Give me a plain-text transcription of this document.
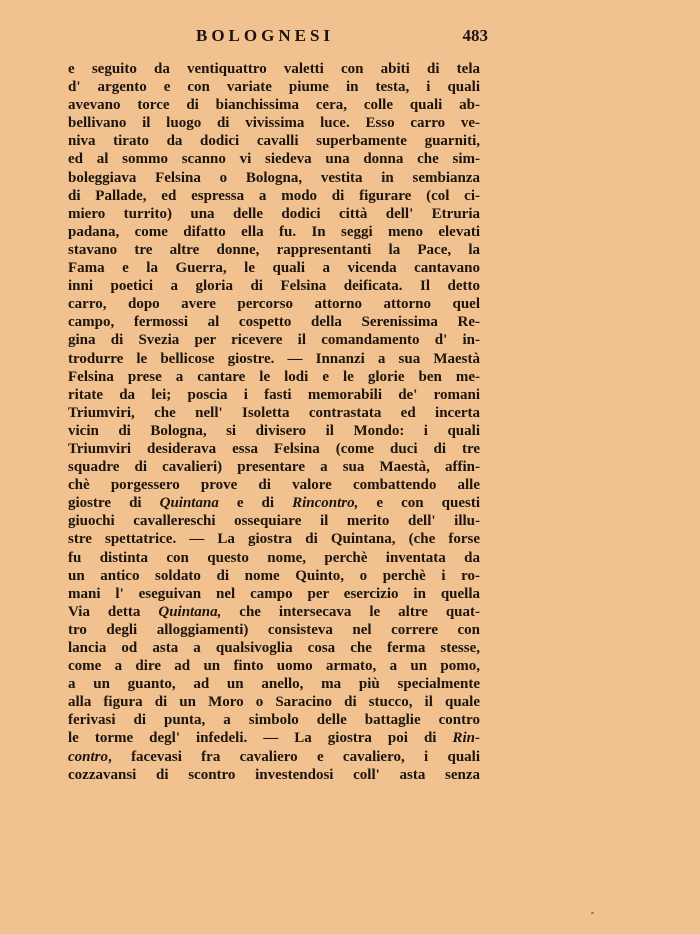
BOLOGNESI	483
e seguito da ventiquattro valetti con abiti di tela
d' argento e con variate piume in testa, i quali
avevano torce di bianchissima cera, colle quali ab-
bellivano il luogo di vivissima luce. Esso carro ve-
niva tirato da dodici cavalli superbamente guarniti,
ed al sommo scanno vi siedeva una donna che sim-
boleggiava Felsina o Bologna, vestita in sembianza
di Pallade, ed espressa a modo di figurare (col ci-
miero turrito) una delle dodici città dell' Etruria
padana, come difatto ella fu. In seggi meno elevati
stavano tre altre donne, rappresentanti la Pace, la
Fama e la Guerra, le quali a vicenda cantavano
inni poetici a gloria di Felsina deificata. Il detto
carro, dopo avere percorso attorno attorno quel
campo, fermossi al cospetto della Serenissima Re-
gina di Svezia per ricevere il comandamento d' in-
trodurre le bellicose giostre. — Innanzi a sua Maestà
Felsina prese a cantare le lodi e le glorie ben me-
ritate da lei; poscia i fasti memorabili de' romani
Triumviri, che nell' Isoletta contrastata ed incerta
vicin di Bologna, si divisero il Mondo: i quali
Triumviri desiderava essa Felsina (come duci di tre
squadre di cavalieri) presentare a sua Maestà, affin-
chè porgessero prove di valore combattendo alle
giostre di Quintana e di Rincontro, e con questi
giuochi cavallereschi ossequiare il merito dell' illu-
stre spettatrice. — La giostra di Quintana, (che forse
fu distinta con questo nome, perchè inventata da
un antico soldato di nome Quinto, o perchè i ro-
mani l' eseguivan nel campo per esercizio in quella
Via detta Quintana, che intersecava le altre quat-
tro degli alloggiamenti) consisteva nel correre con
lancia od asta a qualsivoglia cosa che ferma stesse,
come a dire ad un finto uomo armato, a un pomo,
a un guanto, ad un anello, ma più specialmente
alla figura di un Moro o Saracino di stucco, il quale
ferivasi di punta, a simbolo delle battaglie contro
le torme degl' infedeli. — La giostra poi di Rin-
contro, facevasi fra cavaliero e cavaliero, i quali
cozzavansi di scontro investendosi coll' asta senza
